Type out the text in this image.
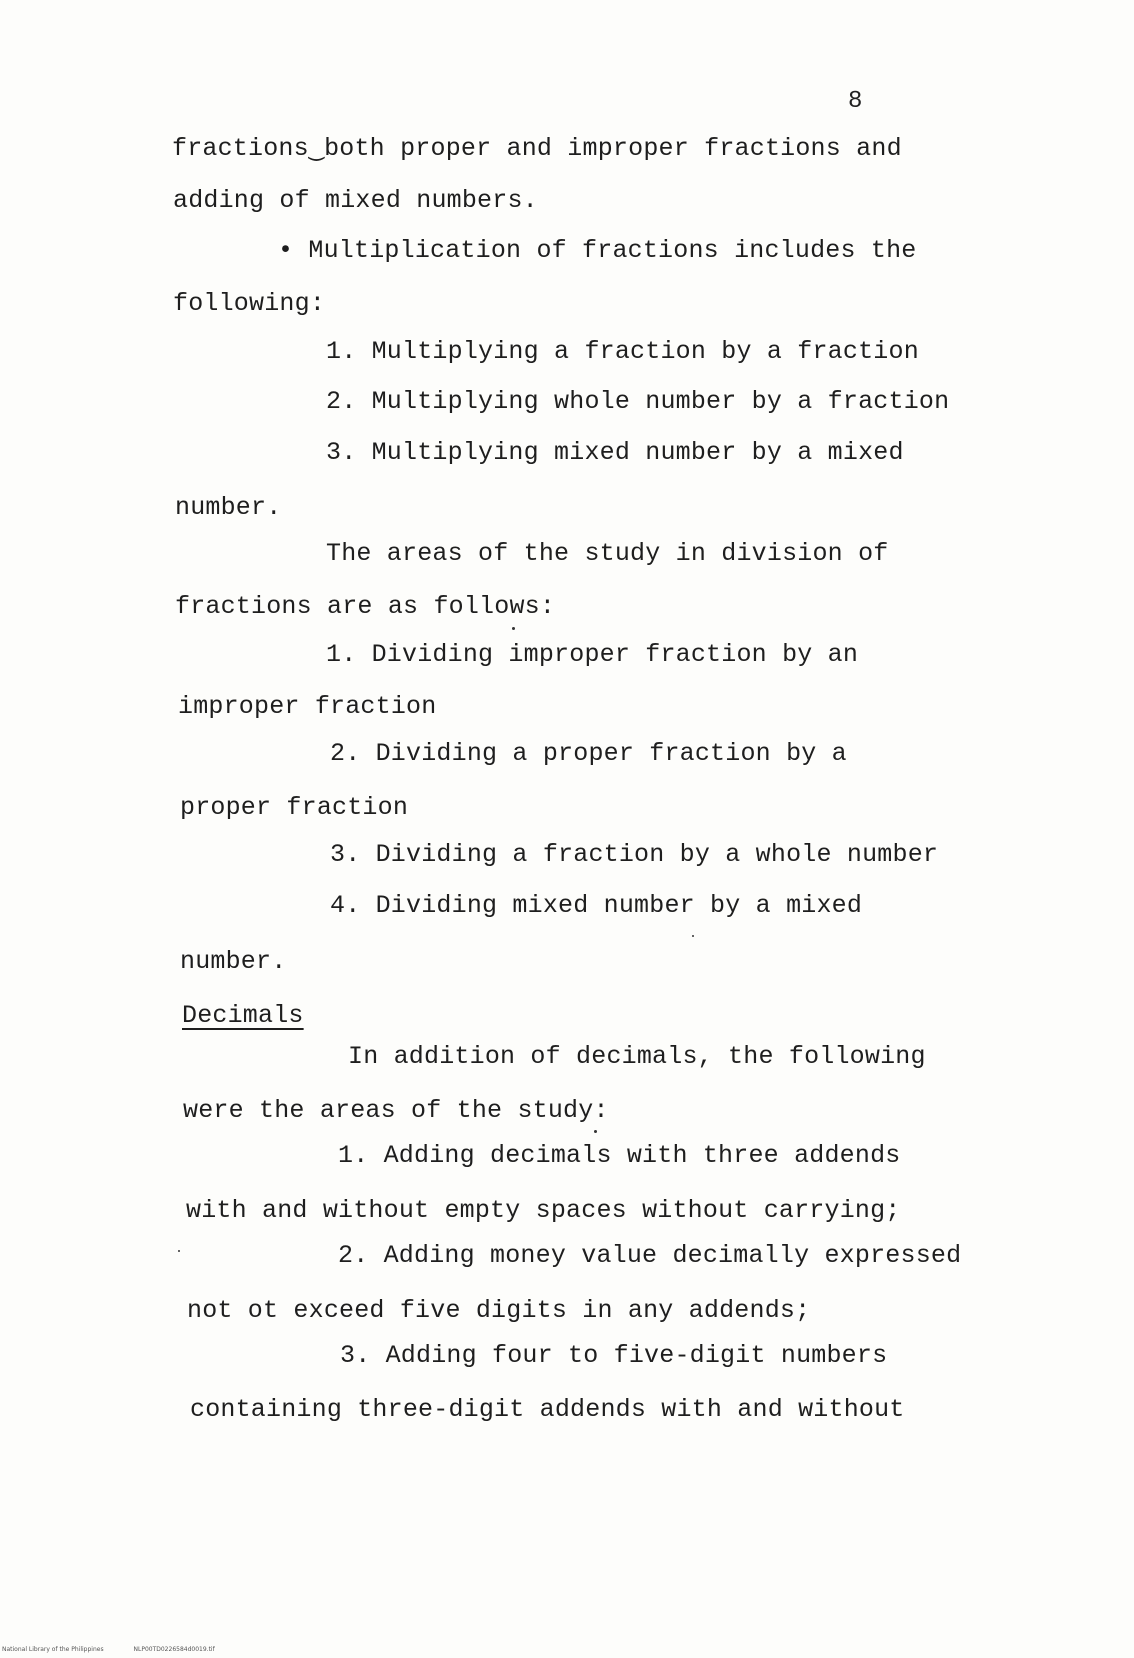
8
fractions‿both proper and improper fractions and
adding of mixed numbers.
• Multiplication of fractions includes the
following:
1. Multiplying a fraction by a fraction
2. Multiplying whole number by a fraction
3. Multiplying mixed number by a mixed
number.
The areas of the study in division of
fractions are as follows:
1. Dividing improper fraction by an
improper fraction
2. Dividing a proper fraction by a
proper fraction
3. Dividing a fraction by a whole number
4. Dividing mixed number by a mixed
number.
Decimals
In addition of decimals, the following
were the areas of the study:
1. Adding decimals with three addends
with and without empty spaces without carrying;
2. Adding money value decimally expressed
not ot exceed five digits in any addends;
3. Adding four to five-digit numbers
containing three-digit addends with and without
National Library of the Philippines	NLP00TD0226584d0019.tif
